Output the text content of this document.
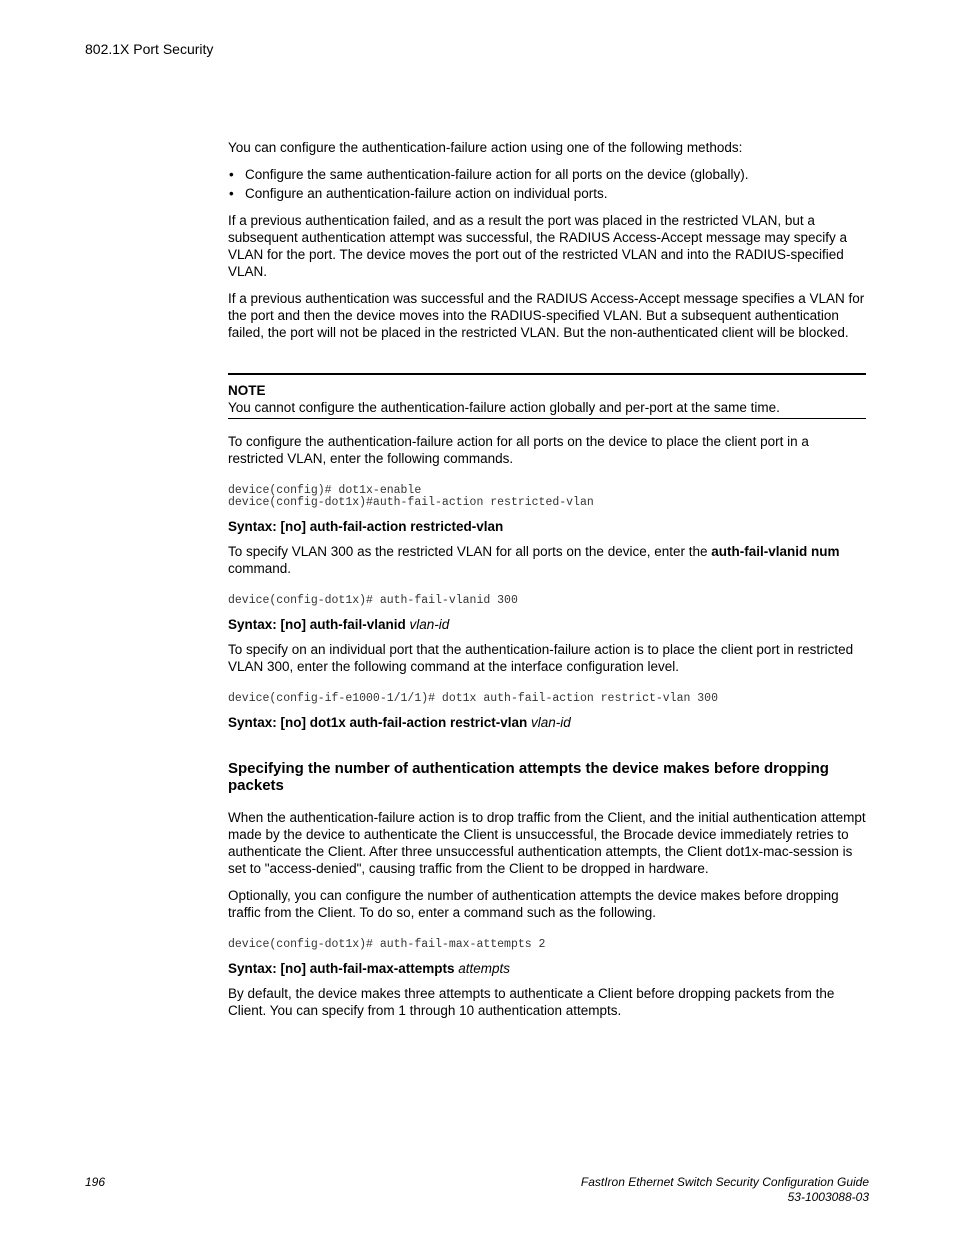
802.1X Port Security

You can configure the authentication-failure action using one of the following methods:

• Configure the same authentication-failure action for all ports on the device (globally).
• Configure an authentication-failure action on individual ports.

If a previous authentication failed, and as a result the port was placed in the restricted VLAN, but a subsequent authentication attempt was successful, the RADIUS Access-Accept message may specify a VLAN for the port. The device moves the port out of the restricted VLAN and into the RADIUS-specified VLAN.

If a previous authentication was successful and the RADIUS Access-Accept message specifies a VLAN for the port and then the device moves into the RADIUS-specified VLAN. But a subsequent authentication failed, the port will not be placed in the restricted VLAN. But the non-authenticated client will be blocked.

NOTE

You cannot configure the authentication-failure action globally and per-port at the same time.

To configure the authentication-failure action for all ports on the device to place the client port in a restricted VLAN, enter the following commands.

device(config)# dot1x-enable
device(config-dot1x)#auth-fail-action restricted-vlan
Syntax: [no] auth-fail-action restricted-vlan

To specify VLAN 300 as the restricted VLAN for all ports on the device, enter the auth-fail-vlanid num command.

device(config-dot1x)# auth-fail-vlanid 300
Syntax: [no] auth-fail-vlanid vlan-id

To specify on an individual port that the authentication-failure action is to place the client port in restricted VLAN 300, enter the following command at the interface configuration level.

device(config-if-e1000-1/1/1)# dot1x auth-fail-action restrict-vlan 300
Syntax: [no] dot1x auth-fail-action restrict-vlan vlan-id
Specifying the number of authentication attempts the device makes before dropping packets

When the authentication-failure action is to drop traffic from the Client, and the initial authentication attempt made by the device to authenticate the Client is unsuccessful, the Brocade device immediately retries to authenticate the Client. After three unsuccessful authentication attempts, the Client dot1x-mac-session is set to "access-denied", causing traffic from the Client to be dropped in hardware.

Optionally, you can configure the number of authentication attempts the device makes before dropping traffic from the Client. To do so, enter a command such as the following.

device(config-dot1x)# auth-fail-max-attempts 2
Syntax: [no] auth-fail-max-attempts attempts

By default, the device makes three attempts to authenticate a Client before dropping packets from the Client. You can specify from 1 through 10 authentication attempts.

196	FastIron Ethernet Switch Security Configuration Guide
53-1003088-03
